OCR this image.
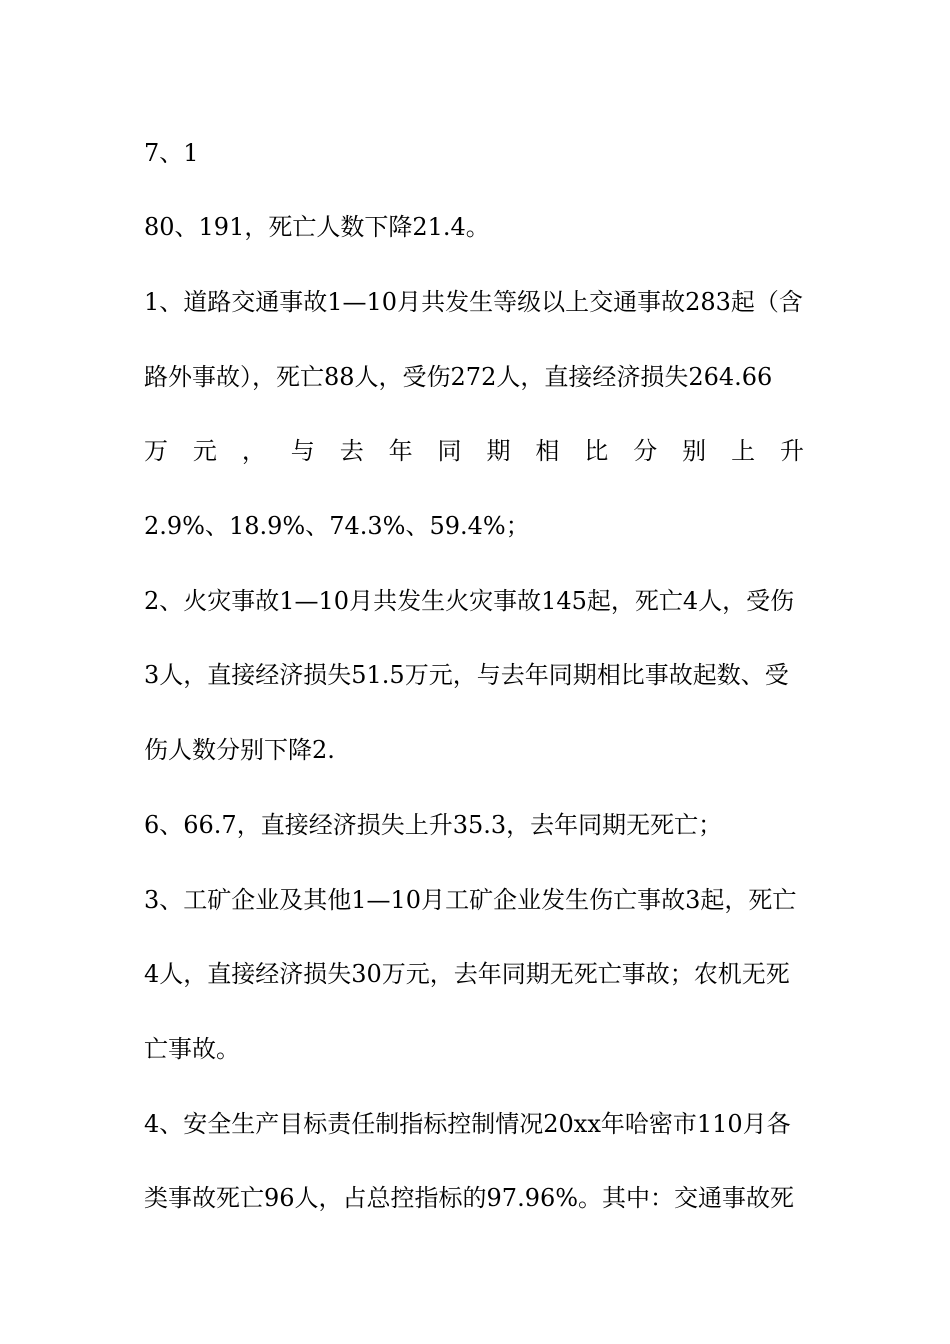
7、1
80、191，死亡人数下降21.4。
1、道路交通事故1—10月共发生等级以上交通事故283起（含
路外事故），死亡88人，受伤272人，直接经济损失264.66
万 元 ， 与 去 年 同 期 相 比 分 别 上 升
2.9%、18.9%、74.3%、59.4%；
2、火灾事故1—10月共发生火灾事故145起，死亡4人，受伤
3人，直接经济损失51.5万元，与去年同期相比事故起数、受
伤人数分别下降2.
6、66.7，直接经济损失上升35.3，去年同期无死亡；
3、工矿企业及其他1—10月工矿企业发生伤亡事故3起，死亡
4人，直接经济损失30万元，去年同期无死亡事故；农机无死
亡事故。
4、安全生产目标责任制指标控制情况20xx年哈密市110月各
类事故死亡96人，占总控指标的97.96%。其中：交通事故死
